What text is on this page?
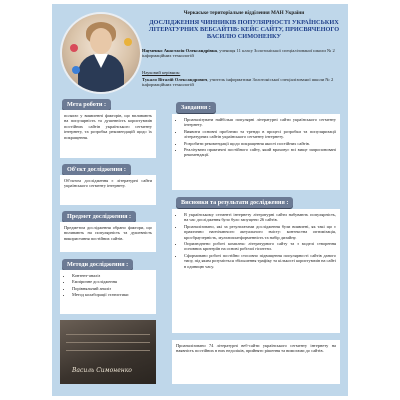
Черкаське територіальне відділення МАН України
ДОСЛІДЖЕННЯ ЧИННИКІВ ПОПУЛЯРНОСТІ УКРАЇНСЬКИХ ЛІТЕРАТУРНИХ ВЕБСАЙТІВ: КЕЙС САЙТУ, ПРИСВЯЧЕНОГО ВАСИЛЮ СИМОНЕНКУ
Науменко Анастасія Олександрівна, учениця 11 класу Золотоніської спеціалізованої школи № 2 інформаційних технологій
Науковий керівник:
Тукало Віталій Олександрович, учитель інформатики Золотоніської спеціалізованої школи № 2 інформаційних технологій
Мета роботи :
полягає у виявленні факторів, що впливають на популярність та душевність користувачів постійних сайтів українського сегменту інтернету, та розробка рекомендацій щодо їх покращення.
Об'єкт дослідження :
Об'єктом дослідження є літературні сайти українського сегменту інтернету.
Предмет дослідження :
Предметом дослідження обрано фактори, що впливають на популярність та душевність використання постійних сайтів.
Методи дослідження :
• Контент-аналіз
• Емпіричне дослідження
• Порівняльний аналіз
• Метод колаборації статистики
Василь Симоненко
Завдання :
• Проаналізувати найбільш популярні літературні сайти українського сегменту інтернету.
• Виявити основні проблеми та тренди в процесі розробки та популяризації літературних сайтів українського сегменту інтернету.
• Розробити рекомендації щодо покращення якості постійних сайтів.
• Реалізувати практичні постійного сайту, який враховує всі вище запропоновані рекомендації.
Висновки та результати дослідження :
• В українському сегменті інтернету літературні сайти набувають популярність, на час дослідження було було запущено 26 сайтів.
• Проаналізовано, які за результатами дослідження були виявлені, як такі що є практично нагнічаючого актуального змісту: контекстна оптимізація, кросбраузерність, мультиплатформенність та набір дизайну.
• Оприлюднено роботі комплекс літературного сайту та з моделі створення основних критеріїв на основі робочої гіпотези.
• Сформовано роботі постійно стосовно підвищення популярності сайтів даного типу, під яким розуміється збільшення трафіку та кількості користувачів на сайті в одиницю часу.
Проаналізовано 74 літературні веб-сайти українського сегменту інтернету на наявність постійних в них недоліків, прийнято рішення та вимогами до сайтів.
